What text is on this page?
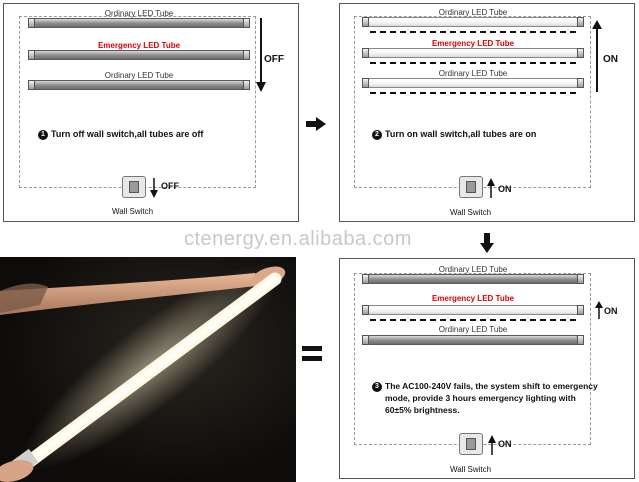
Ordinary LED Tube
Emergency LED Tube
Ordinary LED Tube
OFF
1 Turn off wall switch,all tubes are off
OFF
Wall Switch
Ordinary LED Tube
Emergency LED Tube
Ordinary LED Tube
ON
2 Turn on wall switch,all tubes are on
ON
Wall Switch
ctenergy.en.alibaba.com
Ordinary LED Tube
Emergency LED Tube
Ordinary LED Tube
ON
3 The AC100-240V fails, the system shift to emergency
mode, provide 3 hours emergency lighting with
60±5% brightness.
ON
Wall Switch
